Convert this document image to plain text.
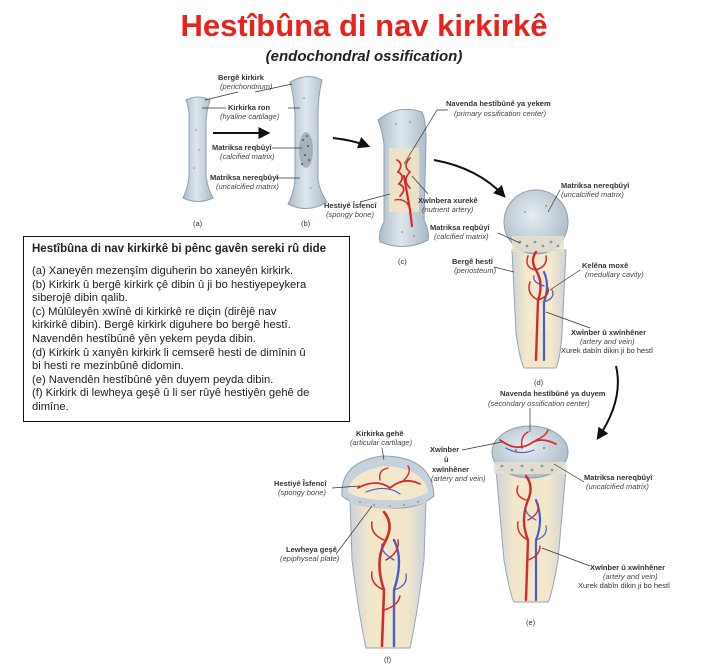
Hestîbûna di nav kirkirkê
(endochondral ossification)
(a)	(b)
Bergê kirkirk
(perichondrium)
Kirkirka ron
(hyaline cartilage)
Matriksa reqbûyî
(calcified matrix)
Matriksa nereqbûyî
(uncalcified matrix)
(c)
Navenda hestîbûnê ya yekem
(primary ossification center)
Hestiyê Îsfencî
(spongy bone)
Xwînbera xurekê
(nutrient artery)
(d)
Matriksa nereqbûyî
(uncalcified matrix)
Matriksa reqbûyî
(calcified matrix)
Bergê hestî
(periosteum)
Kelêna moxê
(medullary cavity)
Xwînber û xwînhêner
(artery and vein)
Xurek dabîn dikin ji bo hestî
(e)
Navenda hestîbûnê ya duyem
(secondary ossification center)
Xwînber
û
xwînhêner
(artery and vein)	Matriksa nereqbûyî
(uncalcified matrix)
Xwînber û xwînhêner
(artery and vein)
Xurek dabîn dikin ji bo hestî
(f)
Kirkirka gehê
(articular cartilage)
Hestiyê Îsfencî
(spongy bone)
Lewheya geşê
(epiphyseal plate)
Hestîbûna di nav kirkirkê bi pênc gavên sereki rû dide

(a) Xaneyên mezenşîm diguherin bo xaneyên kirkirk.

(b) Kirkirk û bergê kirkirk çê dibin û ji bo hestiyepeykera

siberojê dibin qalib.

(c) Mûlûleyên xwînê di kirkirkê re diçin (dirêjê nav

kirkirkê dibin). Bergê kirkirk diguhere bo bergê hestî.

Navendên hestîbûnê yên yekem peyda dibin.

(d) Kirkirk û xanyên kirkirk li cemserê hesti de dimînin û

bi hesti re mezinbûnê didomin.

(e) Navendên hestîbûnê yên duyem peyda dibin.

(f) Kirkirk di lewheya geşê û li ser rûyê hestiyên gehê de

dimîne.
